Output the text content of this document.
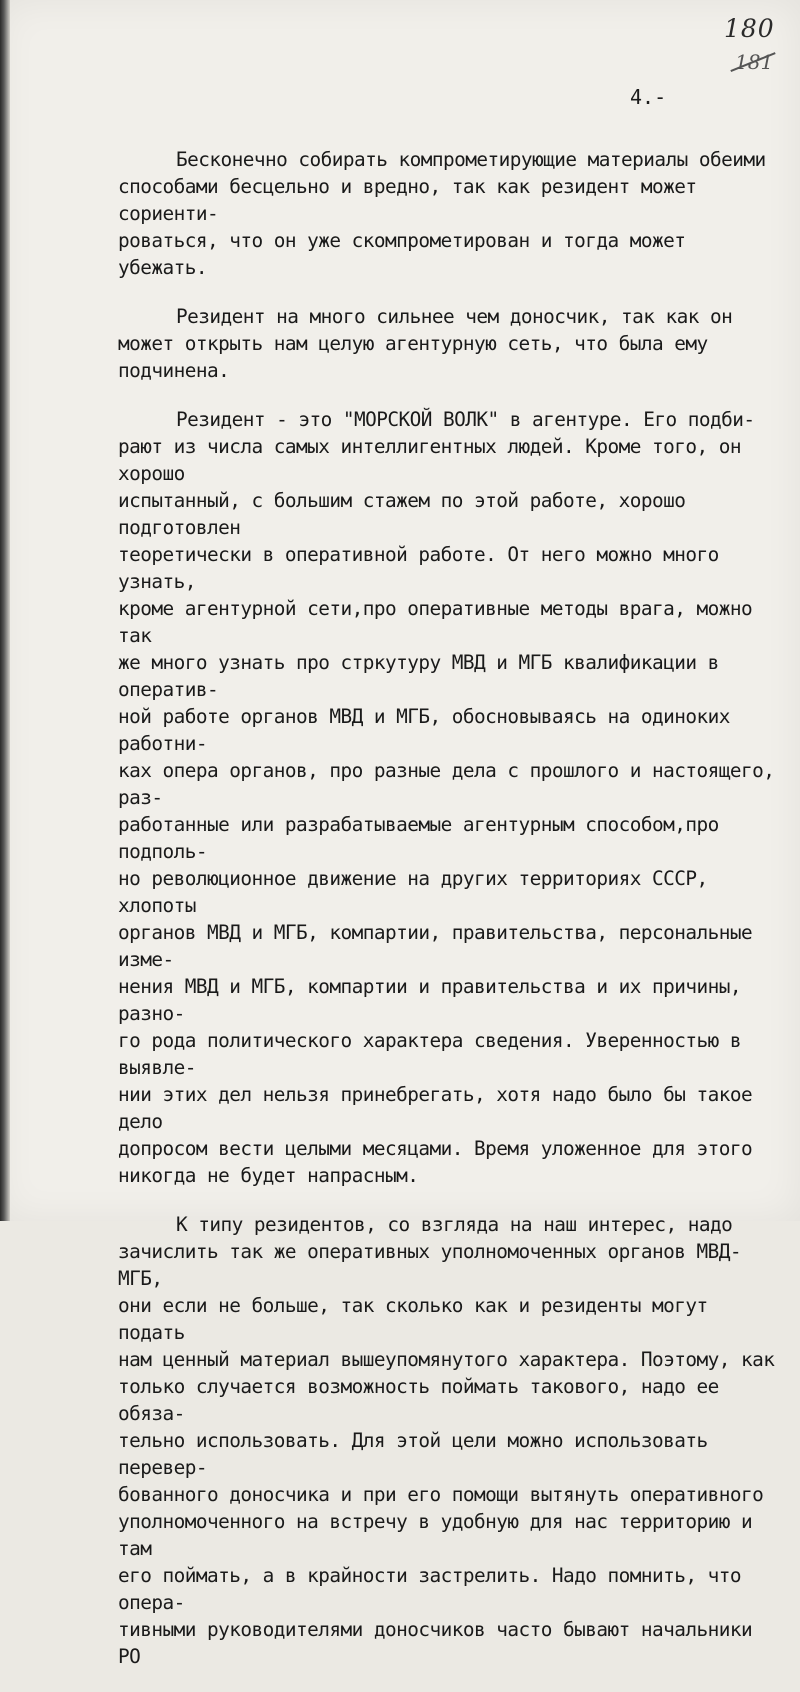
180
181
4.-

Бесконечно собирать компрометирующие материалы обеими
способами бесцельно и вредно, так как резидент может сориенти-
роваться, что он уже скомпрометирован и тогда может убежать.

Резидент на много сильнее чем доносчик, так как он
может открыть нам целую агентурную сеть, что была ему подчинена.

Резидент - это "МОРСКОЙ ВОЛК" в агентуре. Его подби-
рают из числа самых интеллигентных людей. Кроме того, он хорошо
испытанный, с большим стажем по этой работе, хорошо подготовлен
теоретически в оперативной работе. От него можно много узнать,
кроме агентурной сети,про оперативные методы врага, можно так
же много узнать про стркутуру МВД и МГБ квалификации в оператив-
ной работе органов МВД и МГБ, обосновываясь на одиноких работни-
ках опера органов, про разные дела с прошлого и настоящего, раз-
работанные или разрабатываемые агентурным способом,про подполь-
но революционное движение на других территориях СССР, хлопоты
органов МВД и МГБ, компартии, правительства, персональные изме-
нения МВД и МГБ, компартии и правительства и их причины, разно-
го рода политического характера сведения. Уверенностью в выявле-
нии этих дел нельзя принебрегать, хотя надо было бы такое дело
допросом вести целыми месяцами. Время уложенное для этого
никогда не будет напрасным.

К типу резидентов, со взгляда на наш интерес, надо
зачислить так же оперативных уполномоченных органов МВД-МГБ,
они если не больше, так сколько как и резиденты могут подать
нам ценный материал вышеупомянутого характера. Поэтому, как
только случается возможность поймать такового, надо ее обяза-
тельно использовать. Для этой цели можно использовать перевер-
бованного доносчика и при его помощи вытянуть оперативного
уполномоченного на встречу в удобную для нас территорию и там
его поймать, а в крайности застрелить. Надо помнить, что опера-
тивными руководителями доносчиков часто бывают начальники РО
